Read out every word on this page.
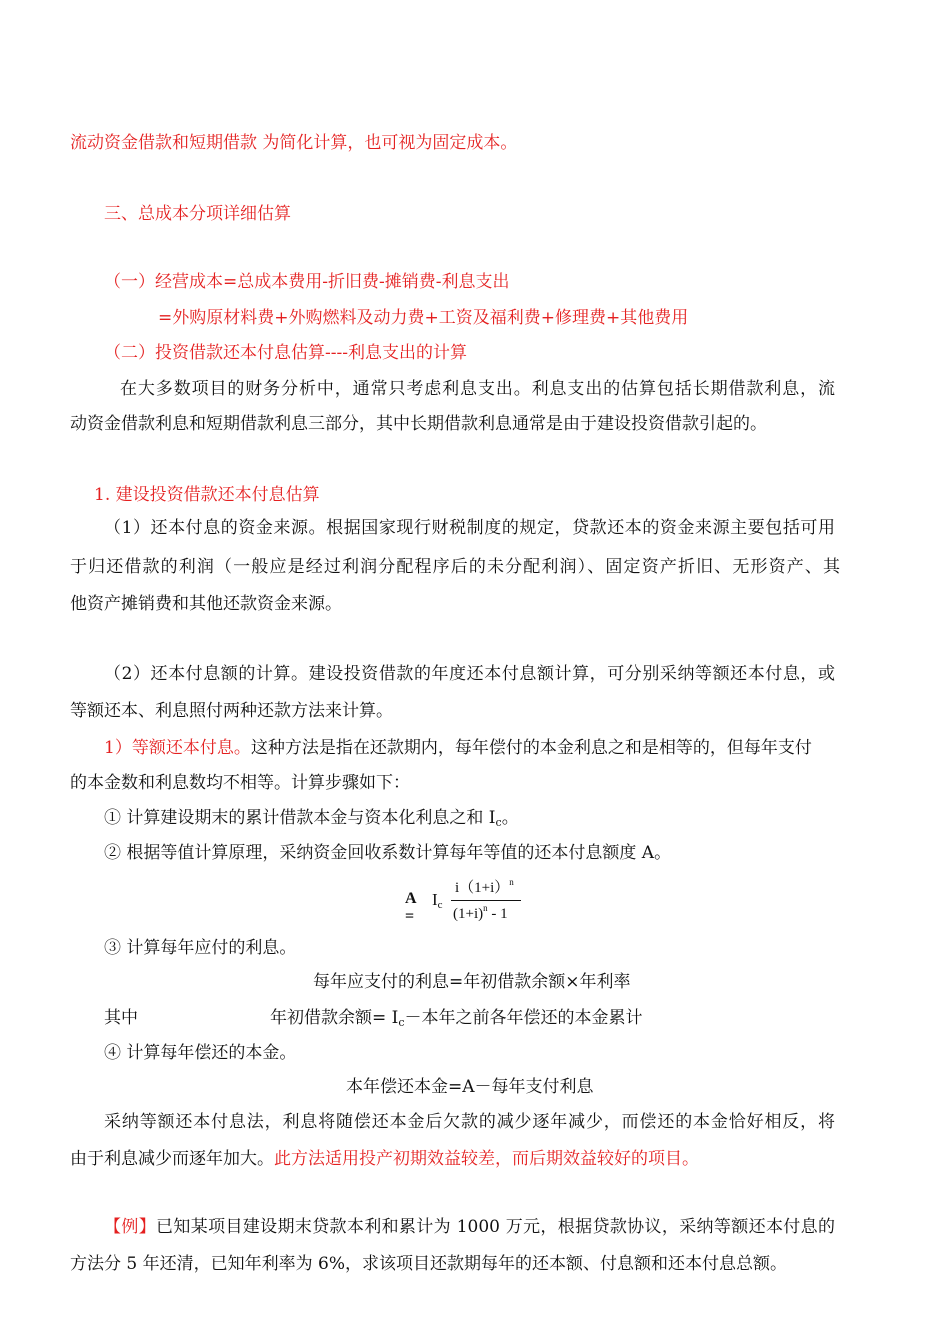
流动资金借款和短期借款 为简化计算，也可视为固定成本。
三、总成本分项详细估算
（一）经营成本=总成本费用-折旧费-摊销费-利息支出
=外购原材料费+外购燃料及动力费+工资及福利费+修理费+其他费用
（二）投资借款还本付息估算----利息支出的计算
在大多数项目的财务分析中，通常只考虑利息支出。利息支出的估算包括长期借款利息，流
动资金借款利息和短期借款利息三部分，其中长期借款利息通常是由于建设投资借款引起的。
1. 建设投资借款还本付息估算
（1）还本付息的资金来源。根据国家现行财税制度的规定，贷款还本的资金来源主要包括可用
于归还借款的利润（一般应是经过利润分配程序后的未分配利润）、固定资产折旧、无形资产、其
他资产摊销费和其他还款资金来源。
（2）还本付息额的计算。建设投资借款的年度还本付息额计算，可分别采纳等额还本付息，或
等额还本、利息照付两种还款方法来计算。
1）等额还本付息。这种方法是指在还款期内，每年偿付的本金利息之和是相等的，但每年支付
的本金数和利息数均不相等。计算步骤如下：
① 计算建设期末的累计借款本金与资本化利息之和 $I_c$。
② 根据等值计算原理，采纳资金回收系数计算每年等值的还本付息额度 A。
A =
$I_c$
$i(1+i)^n$
$(1+i)^n - 1$
③ 计算每年应付的利息。
每年应支付的利息=年初借款余额×年利率
其中	年初借款余额= $I_c-$本年之前各年偿还的本金累计
④ 计算每年偿还的本金。
本年偿还本金=A－每年支付利息
采纳等额还本付息法，利息将随偿还本金后欠款的减少逐年减少，而偿还的本金恰好相反，将
由于利息减少而逐年加大。此方法适用投产初期效益较差，而后期效益较好的项目。
【例】已知某项目建设期末贷款本利和累计为 1000 万元，根据贷款协议，采纳等额还本付息的
方法分 5 年还清，已知年利率为 6%，求该项目还款期每年的还本额、付息额和还本付息总额。
